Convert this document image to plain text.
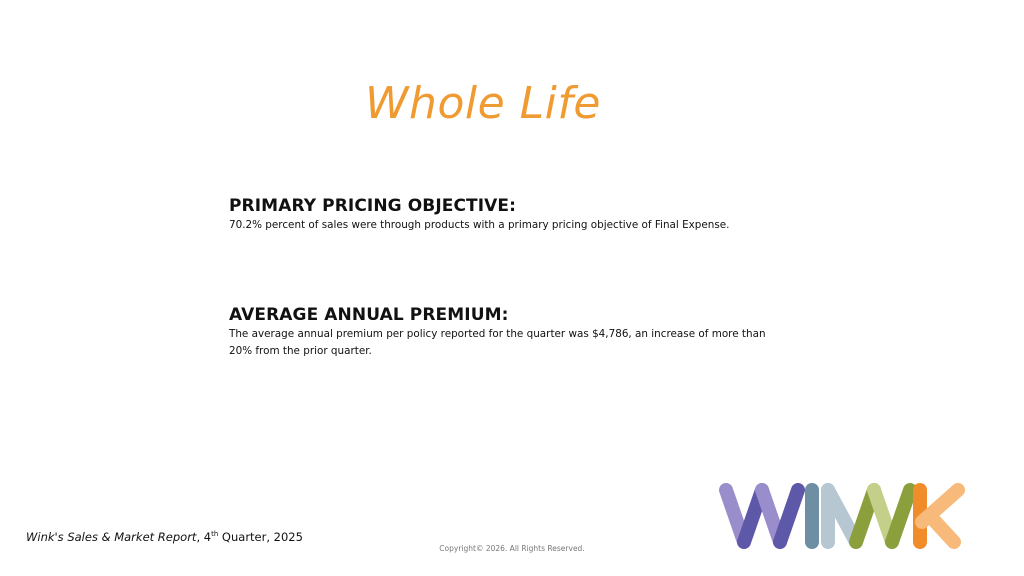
Whole Life
PRIMARY PRICING OBJECTIVE:

70.2% percent of sales were through products with a primary pricing objective of Final Expense.

AVERAGE ANNUAL PREMIUM:

The average annual premium per policy reported for the quarter was $4,786, an increase of more than
20% from the prior quarter.

Wink's Sales & Market Report, 4th Quarter, 2025
Copyright© 2026. All Rights Reserved.
